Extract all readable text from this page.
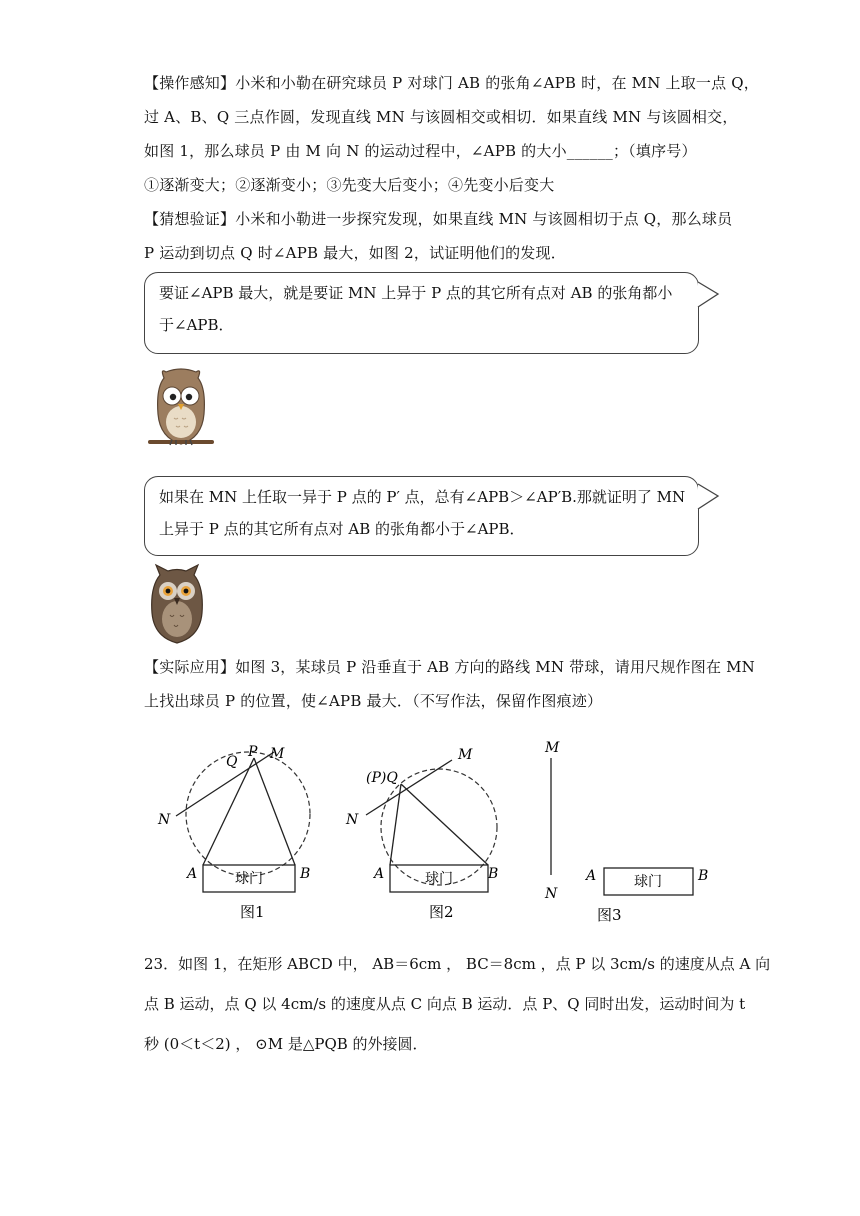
【操作感知】小米和小勒在研究球员 P 对球门 AB 的张角∠APB 时，在 MN 上取一点 Q，
过 A、B、Q 三点作圆，发现直线 MN 与该圆相交或相切．如果直线 MN 与该圆相交，
如图 1，那么球员 P 由 M 向 N 的运动过程中，∠APB 的大小______；（填序号）
①逐渐变大；②逐渐变小；③先变大后变小；④先变小后变大
【猜想验证】小米和小勒进一步探究发现，如果直线 MN 与该圆相切于点 Q，那么球员
P 运动到切点 Q 时∠APB 最大，如图 2，试证明他们的发现．
要证∠APB 最大，就是要证 MN 上异于 P 点的其它所有点对 AB 的张角都小
于∠APB．
如果在 MN 上任取一异于 P 点的 P′ 点，总有∠APB＞∠AP′B.那就证明了 MN
上异于 P 点的其它所有点对 AB 的张角都小于∠APB．
【实际应用】如图 3，某球员 P 沿垂直于 AB 方向的路线 MN 带球，请用尺规作图在 MN
上找出球员 P 的位置，使∠APB 最大．（不写作法，保留作图痕迹）
球门
Q
P M
N
A	B
图1
球门
(P)Q
M
N
A	B
图2
M
N
球门
A	B
图3
23．如图 1，在矩形 ABCD 中， AB＝6cm ， BC＝8cm ，点 P 以 3cm/s 的速度从点 A 向
点 B 运动，点 Q 以 4cm/s 的速度从点 C 向点 B 运动．点 P、Q 同时出发，运动时间为 t
秒 (0＜t＜2) ， ⊙M 是△PQB 的外接圆．
